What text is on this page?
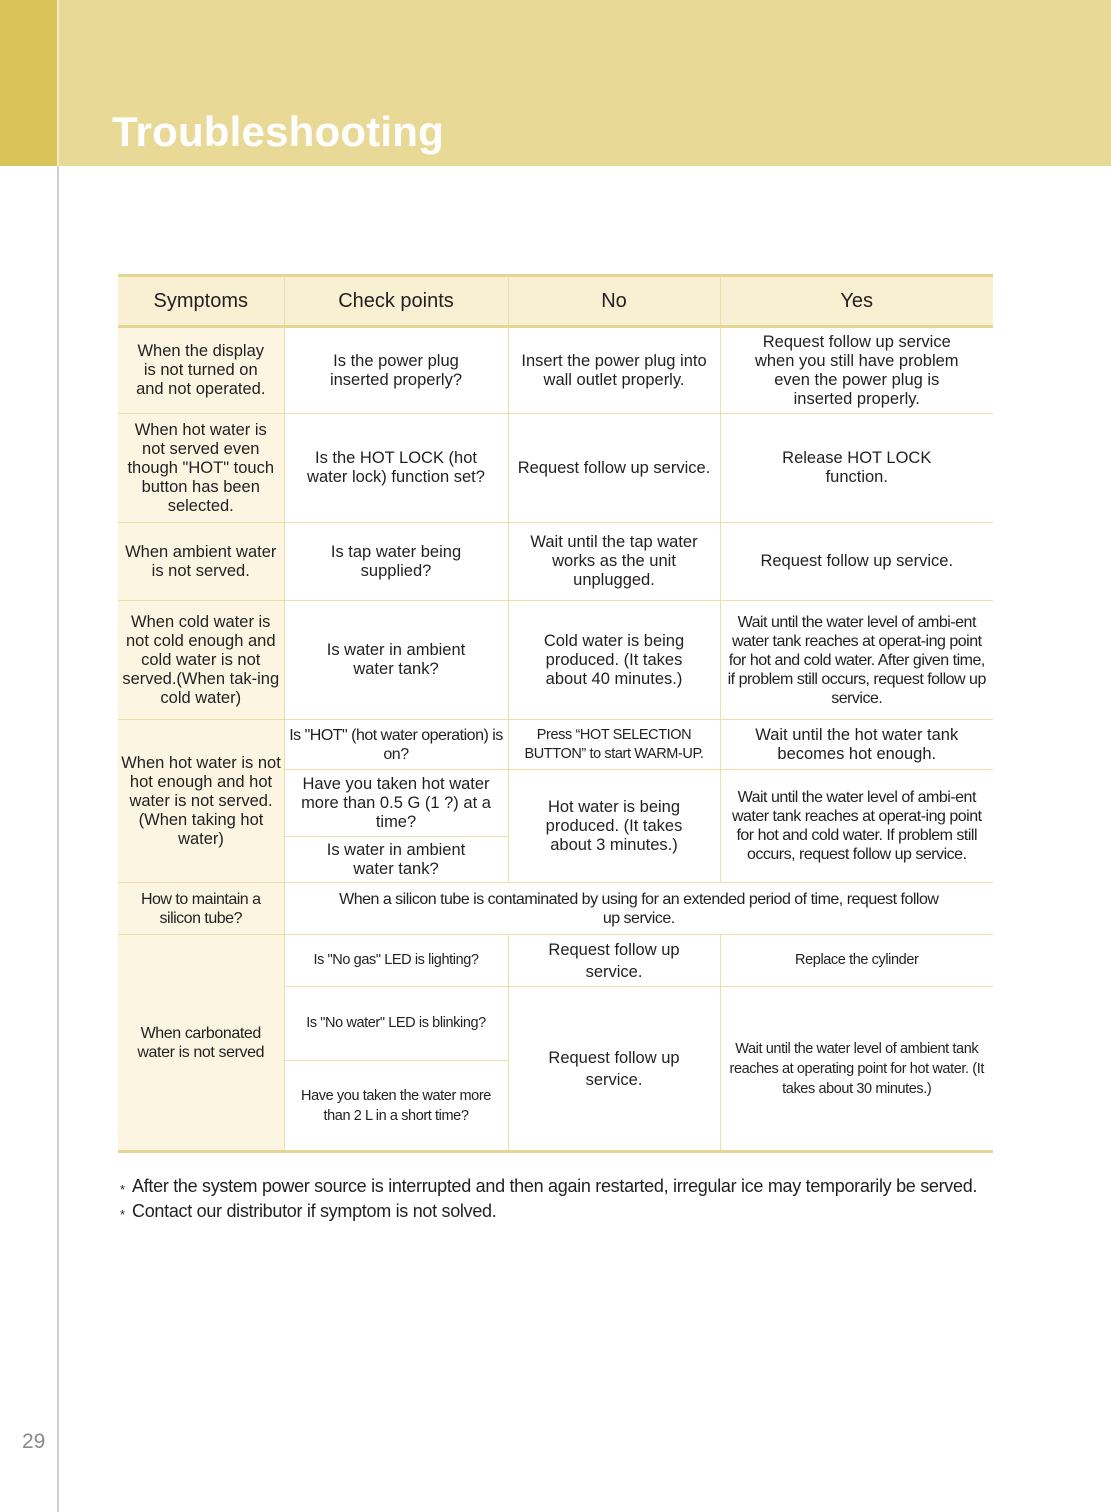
Troubleshooting
Symptoms	Check points	No	Yes

When the display is not turned on and not operated.	Is the power plug inserted properly?	Insert the power plug into wall outlet properly.	Request follow up service when you still have problem even the power plug is inserted properly.

When hot water is not served even though "HOT" touch button has been selected.	Is the HOT LOCK (hot water lock) function set?	Request follow up service.	Release HOT LOCK function.

When ambient water is not served.	Is tap water being supplied?	Wait until the tap water works as the unit unplugged.	Request follow up service.

When cold water is not cold enough and cold water is not served.(When tak-ing cold water)	Is water in ambient water tank?	Cold water is being produced. (It takes about 40 minutes.)	Wait until the water level of ambi-ent water tank reaches at operat-ing point for hot and cold water. After given time, if problem still occurs, request follow up service.

When hot water is not hot enough and hot water is not served. (When taking hot water)	Is "HOT" (hot water operation) is on?	Press “HOT SELECTION BUTTON” to start WARM-UP.	Wait until the hot water tank becomes hot enough.

	Have you taken hot water more than 0.5 G (1 ?) at a time?	Hot water is being produced. (It takes about 3 minutes.)	Wait until the water level of ambi-ent water tank reaches at operat-ing point for hot and cold water. If problem still occurs, request follow up service.

	Is water in ambient water tank?		

How to maintain a silicon tube?	When a silicon tube is contaminated by using for an extended period of time, request follow up service.		

When carbonated water is not served	Is "No gas" LED is lighting?	Request follow up service.	Replace the cylinder

	Is "No water" LED is blinking?	Request follow up service.	Wait until the water level of ambient tank reaches at operating point for hot water. (It takes about 30 minutes.)

	Have you taken the water more than 2 L in a short time?		
* After the system power source is interrupted and then again restarted, irregular ice may temporarily be served.
* Contact our distributor if symptom is not solved.
29
